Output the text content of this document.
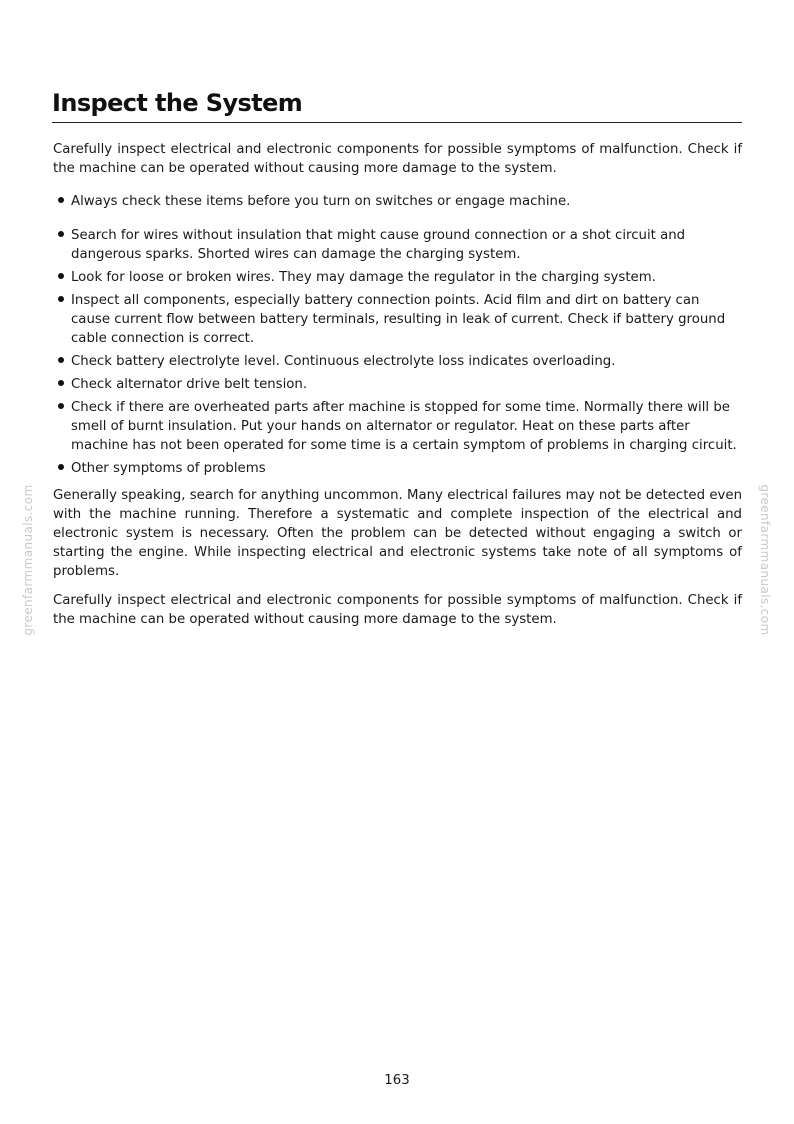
Inspect the System

Carefully inspect electrical and electronic components for possible symptoms of malfunction. Check if the machine can be operated without causing more damage to the system.

Always check these items before you turn on switches or engage machine.
Search for wires without insulation that might cause ground connection or a shot circuit and dangerous sparks. Shorted wires can damage the charging system.
Look for loose or broken wires. They may damage the regulator in the charging system.
Inspect all components, especially battery connection points. Acid film and dirt on battery can cause current flow between battery terminals, resulting in leak of current. Check if battery ground cable connection is correct.
Check battery electrolyte level. Continuous electrolyte loss indicates overloading.
Check alternator drive belt tension.
Check if there are overheated parts after machine is stopped for some time. Normally there will be smell of burnt insulation. Put your hands on alternator or regulator. Heat on these parts after machine has not been operated for some time is a certain symptom of problems in charging circuit.
Other symptoms of problems

Generally speaking, search for anything uncommon. Many electrical failures may not be detected even with the machine running. Therefore a systematic and complete inspection of the electrical and electronic system is necessary. Often the problem can be detected without engaging a switch or starting the engine. While inspecting electrical and electronic systems take note of all symptoms of problems.

Carefully inspect electrical and electronic components for possible symptoms of malfunction. Check if the machine can be operated without causing more damage to the system.

greenfarmmanuals.com	greenfarmmanuals.com
163
